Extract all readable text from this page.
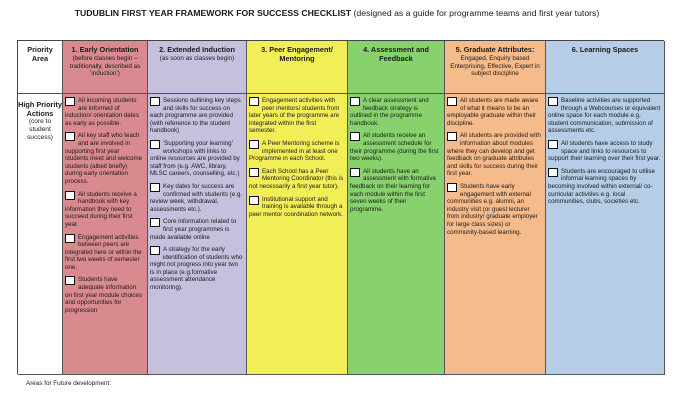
TUDUBLIN FIRST YEAR FRAMEWORK FOR SUCCESS CHECKLIST (designed as a guide for programme teams and first year tutors)
Priority Area
1. Early Orientation
(before classes begin – traditionally, described as 'induction')
2. Extended Induction
(as soon as classes begin)
3. Peer Engagement/ Mentoring
4. Assessment and Feedback
5. Graduate Attributes:
Engaged, Enquiry based Enterprising, Effective, Expert in subject discipline
6. Learning Spaces
High Priority Actions
(core to student success)
All incoming students are informed of induction/ orientation dates as early as possible.
All key staff who teach and are involved in supporting first year students meet and welcome students (albeit briefly) during early orientation process.
All students receive a handbook with key information they need to succeed during their first year.
Engagement activities between peers are integrated here or within the first two weeks of semester one.
Students have adequate information on first year module choices and opportunities for progression
Sessions outlining key steps and skills for success on each programme are provided (with reference to the student handbook)
'Supporting your learning' workshops with links to online resources are provided by staff from (e.g. AWC, library, MLSC careers, counselling, etc.)
Key dates for success are confirmed with students (e.g. review week, withdrawal, assessments etc.).
Core information related to first year programmes is made available online
A strategy for the early identification of students who might not progress into year two is in place (e.g.formative assessment attendance monitoring).
Engagement activities with peer mentors/ students from later years of the programme are integrated within the first semester.
A Peer Mentoring scheme is implemented in at least one Programme in each School.
Each School has a Peer Mentoring Coordinator (this is not necessarily a first year tutor).
Institutional support and training is available through a peer mentor coordination network.
A clear assessment and feedback strategy is outlined in the programme handbook.
All students receive an assessment schedule for their programme (during the first two weeks).
All students have an assessment with formative feedback on their learning for each module within the first seven weeks of their programme.
All students are made aware of what it means to be an employable graduate within their discipline.
All students are provided with information about modules where they can develop and get feedback on graduate attributes and skills for success during their first year.
Students have early engagement with external communities e.g. alumni, an industry visit (or guest lecturer from industry/ graduate employer for large class sizes) or community-based learning.
Baseline activities are supported through a Webcourses or equivalent online space for each module e.g. student communication, submission of assessments etc.
All students have access to study space and links to resources to support their learning over their first year.
Students are encouraged to utilise informal learning spaces by becoming involved within external/ co-curricular activities e.g. local communities, clubs, societies etc.
Areas for Future development:
